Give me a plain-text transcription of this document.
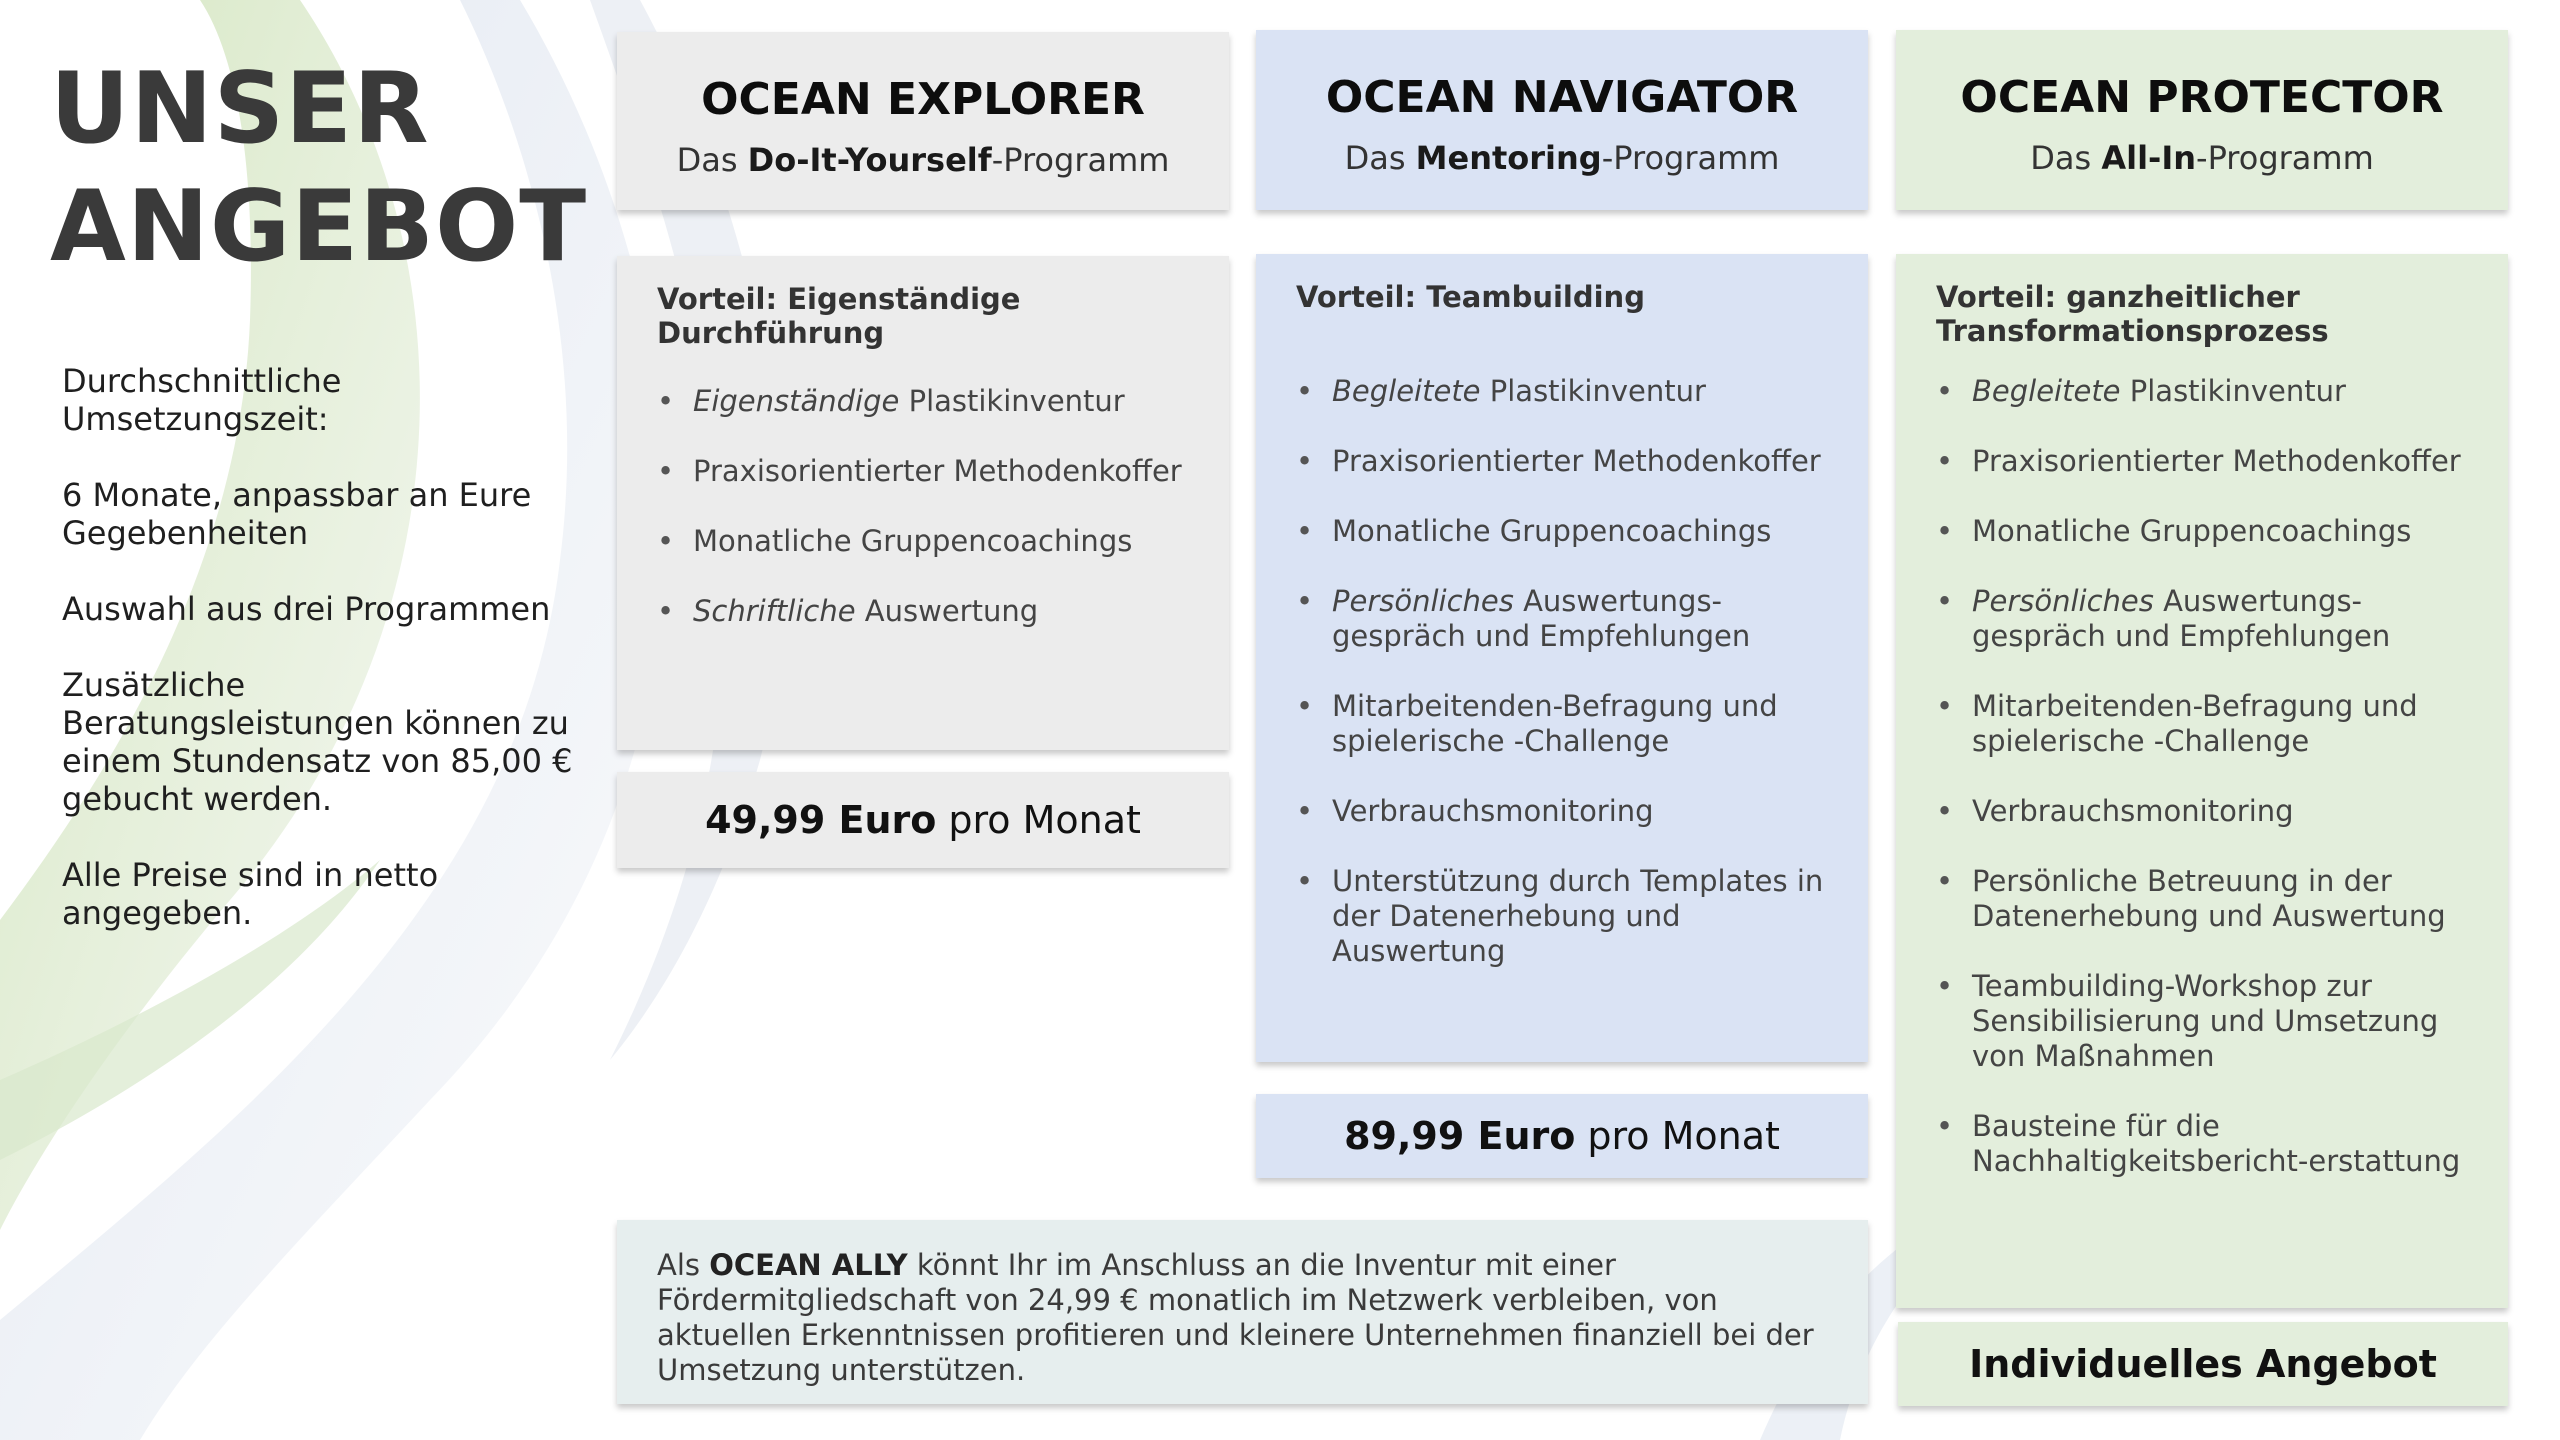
UNSER
ANGEBOT

Durchschnittliche Umsetzungszeit:

6 Monate, anpassbar an Eure Gegebenheiten

Auswahl aus drei Programmen

Zusätzliche Beratungsleistungen können zu einem Stundensatz von 85,00 € gebucht werden.

Alle Preise sind in netto angegeben.

OCEAN EXPLORER
Das Do-It-Yourself-Programm
Vorteil: Eigenständige Durchführung
• Eigenständige Plastikinventur
• Praxisorientierter Methodenkoffer
• Monatliche Gruppencoachings
• Schriftliche Auswertung
49,99 Euro pro Monat
OCEAN NAVIGATOR
Das Mentoring-Programm
Vorteil: Teambuilding
• Begleitete Plastikinventur
• Praxisorientierter Methodenkoffer
• Monatliche Gruppencoachings
• Persönliches Auswertungs-gespräch und Empfehlungen
• Mitarbeitenden-Befragung und spielerische -Challenge
• Verbrauchsmonitoring
• Unterstützung durch Templates in der Datenerhebung und Auswertung
89,99 Euro pro Monat
OCEAN PROTECTOR
Das All-In-Programm
Vorteil: ganzheitlicher Transformationsprozess
• Begleitete Plastikinventur
• Praxisorientierter Methodenkoffer
• Monatliche Gruppencoachings
• Persönliches Auswertungs-gespräch und Empfehlungen
• Mitarbeitenden-Befragung und spielerische -Challenge
• Verbrauchsmonitoring
• Persönliche Betreuung in der Datenerhebung und Auswertung
• Teambuilding-Workshop zur Sensibilisierung und Umsetzung von Maßnahmen
• Bausteine für die Nachhaltigkeitsbericht-erstattung
Individuelles Angebot
Als OCEAN ALLY könnt Ihr im Anschluss an die Inventur mit einer Fördermitgliedschaft von 24,99 € monatlich im Netzwerk verbleiben, von aktuellen Erkenntnissen profitieren und kleinere Unternehmen finanziell bei der Umsetzung unterstützen.
